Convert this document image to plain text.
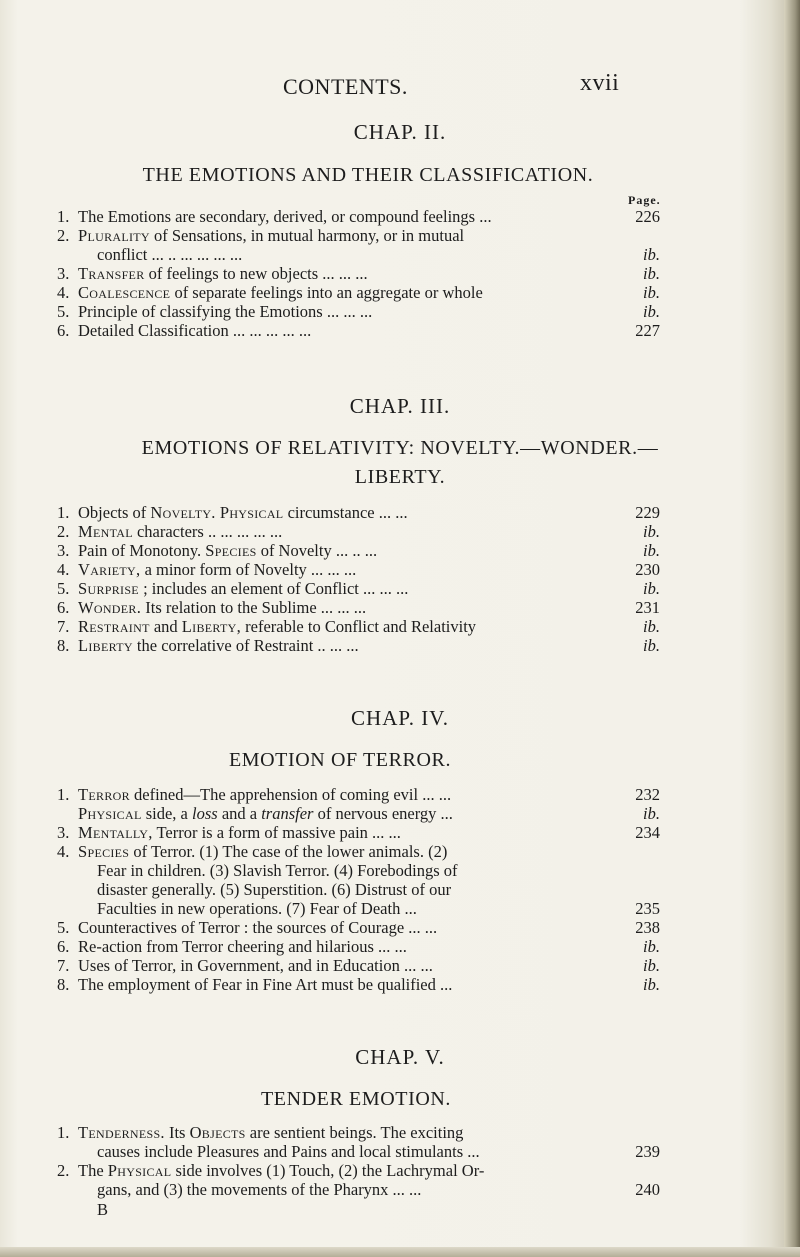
CONTENTS.	xvii
CHAP. II.
THE EMOTIONS AND THEIR CLASSIFICATION.
Page.
1. The Emotions are secondary, derived, or compound feelings ...	226
2. Plurality of Sensations, in mutual harmony, or in mutual
conflict ... .. ... ... ... ...	ib.
3. Transfer of feelings to new objects ... ... ...	ib.
4. Coalescence of separate feelings into an aggregate or whole	ib.
5. Principle of classifying the Emotions ... ... ...	ib.
6. Detailed Classification ... ... ... ... ...	227
CHAP. III.
EMOTIONS OF RELATIVITY: NOVELTY.—WONDER.—
LIBERTY.
1. Objects of Novelty. Physical circumstance ... ...	229
2. Mental characters .. ... ... ... ...	ib.
3. Pain of Monotony. Species of Novelty ... .. ...	ib.
4. Variety, a minor form of Novelty ... ... ...	230
5. Surprise ; includes an element of Conflict ... ... ...	ib.
6. Wonder. Its relation to the Sublime ... ... ...	231
7. Restraint and Liberty, referable to Conflict and Relativity	ib.
8. Liberty the correlative of Restraint .. ... ...	ib.
CHAP. IV.
EMOTION OF TERROR.
1. Terror defined—The apprehension of coming evil ... ...	232
Physical side, a loss and a transfer of nervous energy ...	ib.
3. Mentally, Terror is a form of massive pain ... ...	234
4. Species of Terror. (1) The case of the lower animals. (2)
Fear in children. (3) Slavish Terror. (4) Forebodings of
disaster generally. (5) Superstition. (6) Distrust of our
Faculties in new operations. (7) Fear of Death ...	235
5. Counteractives of Terror : the sources of Courage ... ...	238
6. Re-action from Terror cheering and hilarious ... ...	ib.
7. Uses of Terror, in Government, and in Education ... ...	ib.
8. The employment of Fear in Fine Art must be qualified ...	ib.
CHAP. V.
TENDER EMOTION.
1. Tenderness. Its Objects are sentient beings. The exciting
causes include Pleasures and Pains and local stimulants ...	239
2. The Physical side involves (1) Touch, (2) the Lachrymal Or-
gans, and (3) the movements of the Pharynx ... ...	240
B
